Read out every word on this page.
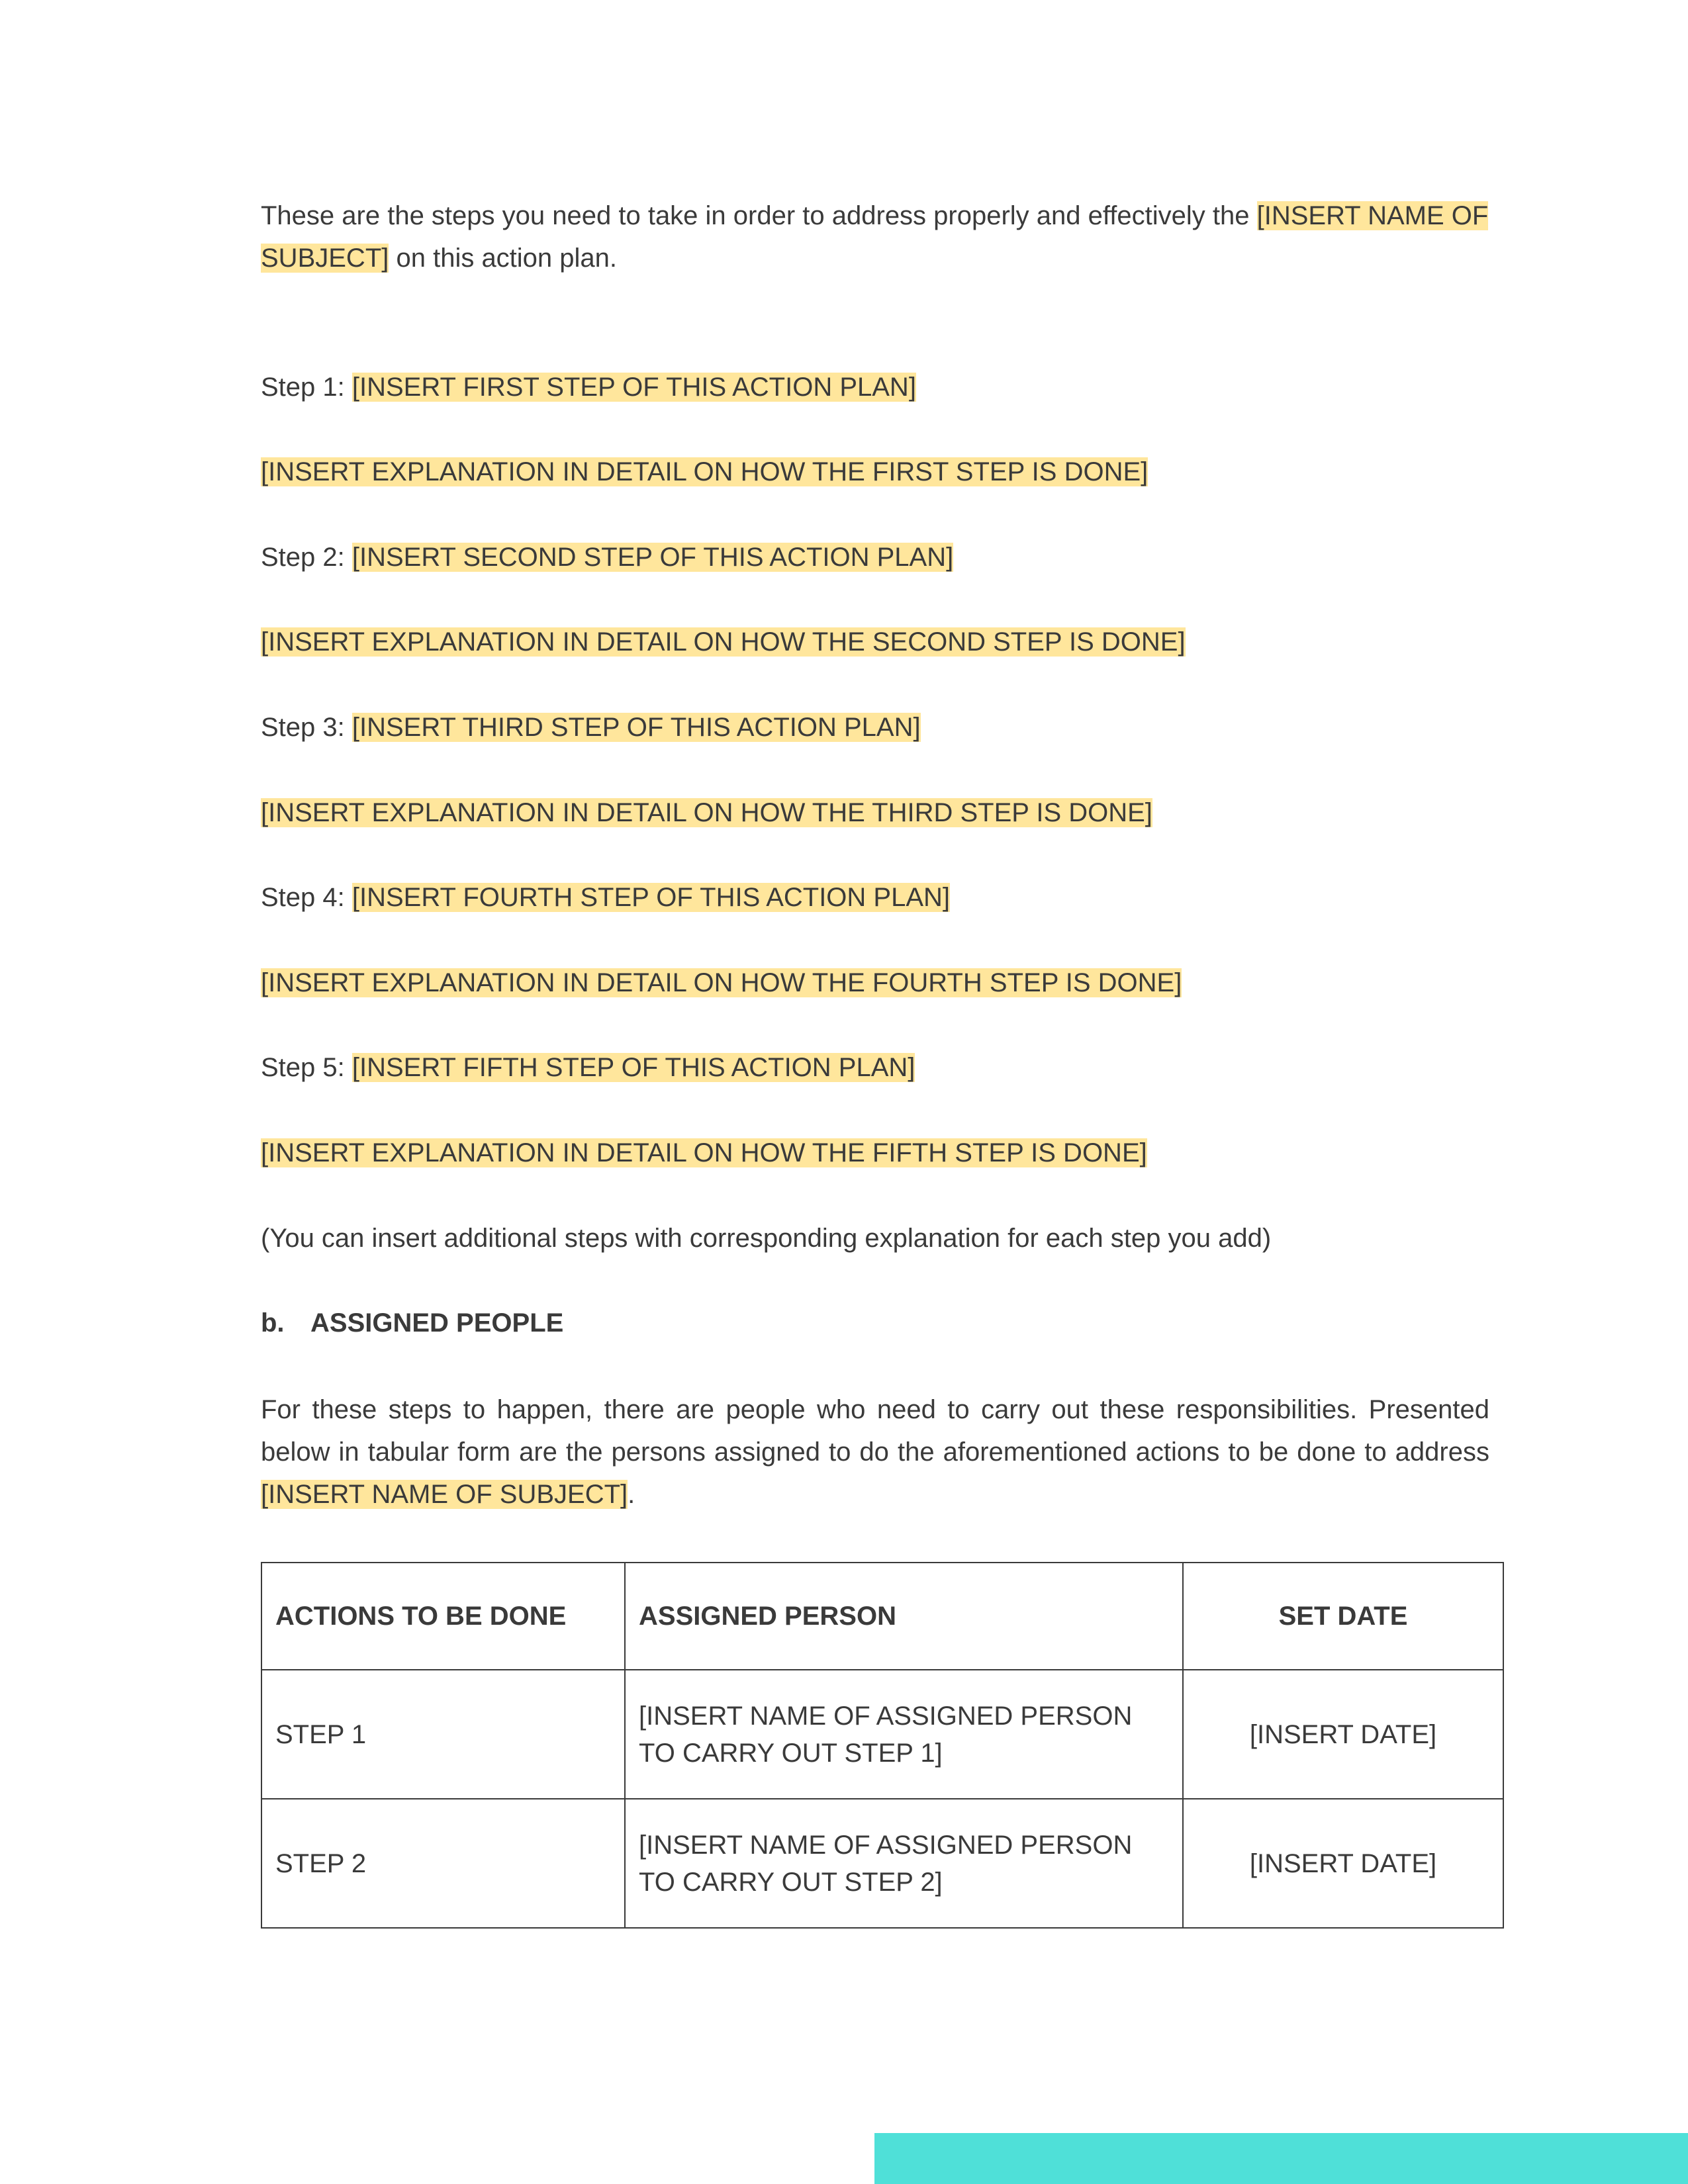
These are the steps you need to take in order to address properly and effectively the [INSERT NAME OF SUBJECT] on this action plan.

Step 1: [INSERT FIRST STEP OF THIS ACTION PLAN]

[INSERT EXPLANATION IN DETAIL ON HOW THE FIRST STEP IS DONE]

Step 2: [INSERT SECOND STEP OF THIS ACTION PLAN]

[INSERT EXPLANATION IN DETAIL ON HOW THE SECOND STEP IS DONE]

Step 3: [INSERT THIRD STEP OF THIS ACTION PLAN]

[INSERT EXPLANATION IN DETAIL ON HOW THE THIRD STEP IS DONE]

Step 4: [INSERT FOURTH STEP OF THIS ACTION PLAN]

[INSERT EXPLANATION IN DETAIL ON HOW THE FOURTH STEP IS DONE]

Step 5: [INSERT FIFTH STEP OF THIS ACTION PLAN]

[INSERT EXPLANATION IN DETAIL ON HOW THE FIFTH STEP IS DONE]

(You can insert additional steps with corresponding explanation for each step you add)

b. ASSIGNED PEOPLE

For these steps to happen, there are people who need to carry out these responsibilities. Presented below in tabular form are the persons assigned to do the aforementioned actions to be done to address [INSERT NAME OF SUBJECT].

ACTIONS TO BE DONE	ASSIGNED PERSON	SET DATE
STEP 1	[INSERT NAME OF ASSIGNED PERSON TO CARRY OUT STEP 1]	[INSERT DATE]
STEP 2	[INSERT NAME OF ASSIGNED PERSON TO CARRY OUT STEP 2]	[INSERT DATE]
